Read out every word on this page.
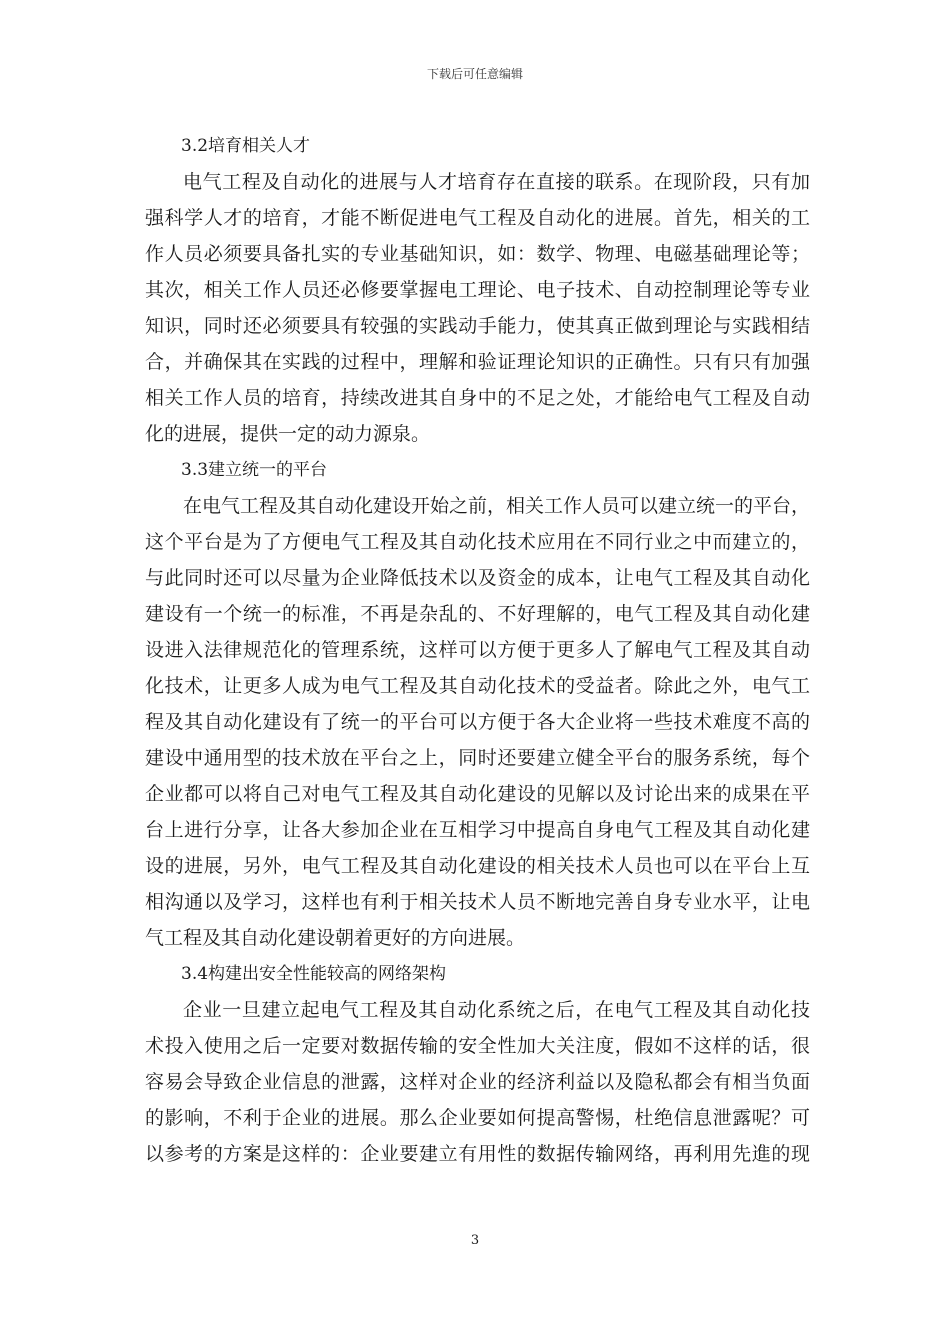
下载后可任意编辑
3.2培育相关人才
电气工程及自动化的进展与人才培育存在直接的联系。在现阶段，只有加
强科学人才的培育，才能不断促进电气工程及自动化的进展。首先，相关的工
作人员必须要具备扎实的专业基础知识，如：数学、物理、电磁基础理论等；
其次，相关工作人员还必修要掌握电工理论、电子技术、自动控制理论等专业
知识，同时还必须要具有较强的实践动手能力，使其真正做到理论与实践相结
合，并确保其在实践的过程中，理解和验证理论知识的正确性。只有只有加强
相关工作人员的培育，持续改进其自身中的不足之处，才能给电气工程及自动
化的进展，提供一定的动力源泉。
3.3建立统一的平台
在电气工程及其自动化建设开始之前，相关工作人员可以建立统一的平台，
这个平台是为了方便电气工程及其自动化技术应用在不同行业之中而建立的，
与此同时还可以尽量为企业降低技术以及资金的成本，让电气工程及其自动化
建设有一个统一的标准，不再是杂乱的、不好理解的，电气工程及其自动化建
设进入法律规范化的管理系统，这样可以方便于更多人了解电气工程及其自动
化技术，让更多人成为电气工程及其自动化技术的受益者。除此之外，电气工
程及其自动化建设有了统一的平台可以方便于各大企业将一些技术难度不高的
建设中通用型的技术放在平台之上，同时还要建立健全平台的服务系统，每个
企业都可以将自己对电气工程及其自动化建设的见解以及讨论出来的成果在平
台上进行分享，让各大参加企业在互相学习中提高自身电气工程及其自动化建
设的进展，另外，电气工程及其自动化建设的相关技术人员也可以在平台上互
相沟通以及学习，这样也有利于相关技术人员不断地完善自身专业水平，让电
气工程及其自动化建设朝着更好的方向进展。
3.4构建出安全性能较高的网络架构
企业一旦建立起电气工程及其自动化系统之后，在电气工程及其自动化技
术投入使用之后一定要对数据传输的安全性加大关注度，假如不这样的话，很
容易会导致企业信息的泄露，这样对企业的经济利益以及隐私都会有相当负面
的影响，不利于企业的进展。那么企业要如何提高警惕，杜绝信息泄露呢？可
以参考的方案是这样的：企业要建立有用性的数据传输网络，再利用先進的现
3
